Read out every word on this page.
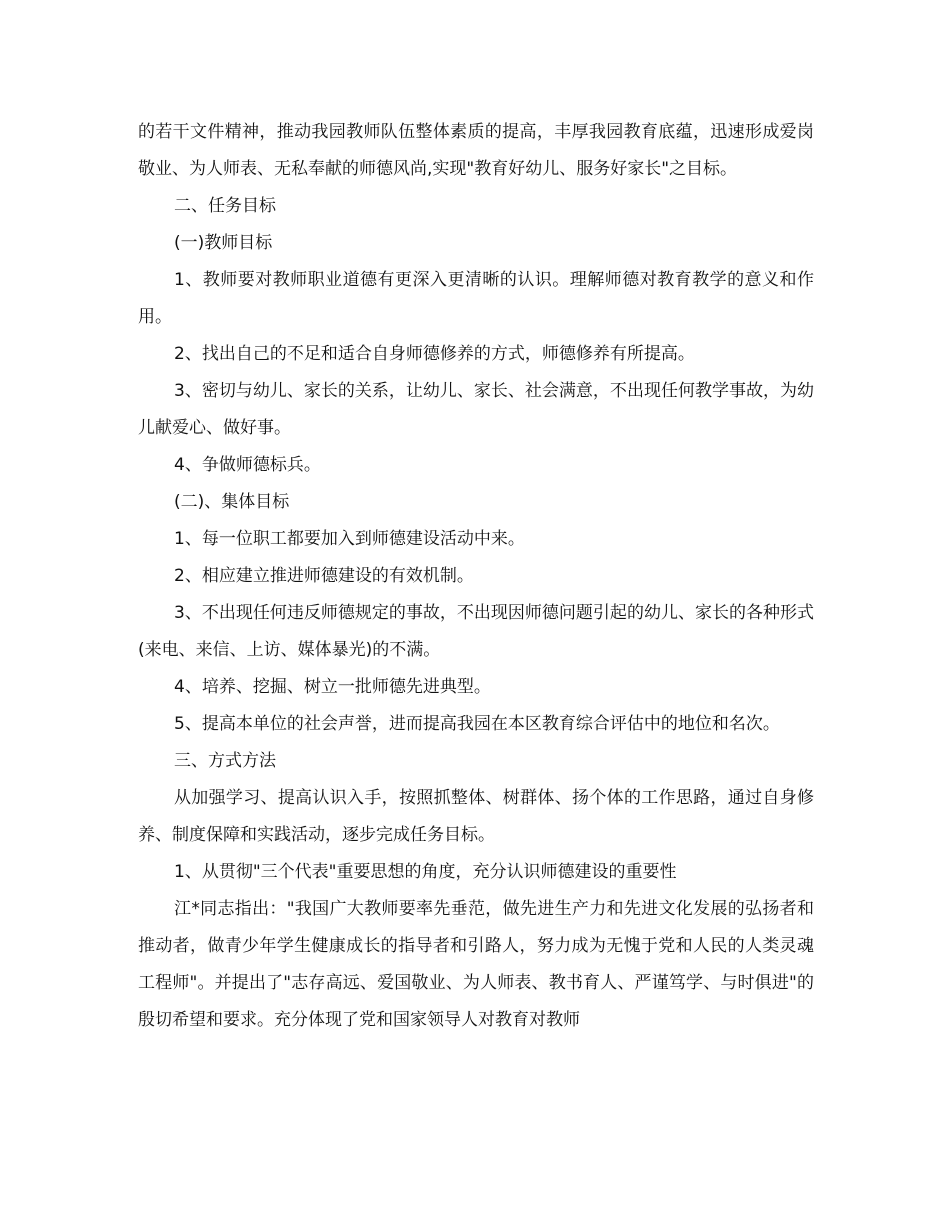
的若干文件精神，推动我园教师队伍整体素质的提高，丰厚我园教育底蕴，迅速形成爱岗敬业、为人师表、无私奉献的师德风尚,实现"教育好幼儿、服务好家长"之目标。

二、任务目标

(一)教师目标

1、教师要对教师职业道德有更深入更清晰的认识。理解师德对教育教学的意义和作用。

2、找出自己的不足和适合自身师德修养的方式，师德修养有所提高。

3、密切与幼儿、家长的关系，让幼儿、家长、社会满意，不出现任何教学事故，为幼儿献爱心、做好事。

4、争做师德标兵。

(二)、集体目标

1、每一位职工都要加入到师德建设活动中来。

2、相应建立推进师德建设的有效机制。

3、不出现任何违反师德规定的事故，不出现因师德问题引起的幼儿、家长的各种形式(来电、来信、上访、媒体暴光)的不满。

4、培养、挖掘、树立一批师德先进典型。

5、提高本单位的社会声誉，进而提高我园在本区教育综合评估中的地位和名次。

三、方式方法

从加强学习、提高认识入手，按照抓整体、树群体、扬个体的工作思路，通过自身修养、制度保障和实践活动，逐步完成任务目标。

1、从贯彻"三个代表"重要思想的角度，充分认识师德建设的重要性

江*同志指出："我国广大教师要率先垂范，做先进生产力和先进文化发展的弘扬者和推动者，做青少年学生健康成长的指导者和引路人，努力成为无愧于党和人民的人类灵魂工程师"。并提出了"志存高远、爱国敬业、为人师表、教书育人、严谨笃学、与时俱进"的殷切希望和要求。充分体现了党和国家领导人对教育对教师
